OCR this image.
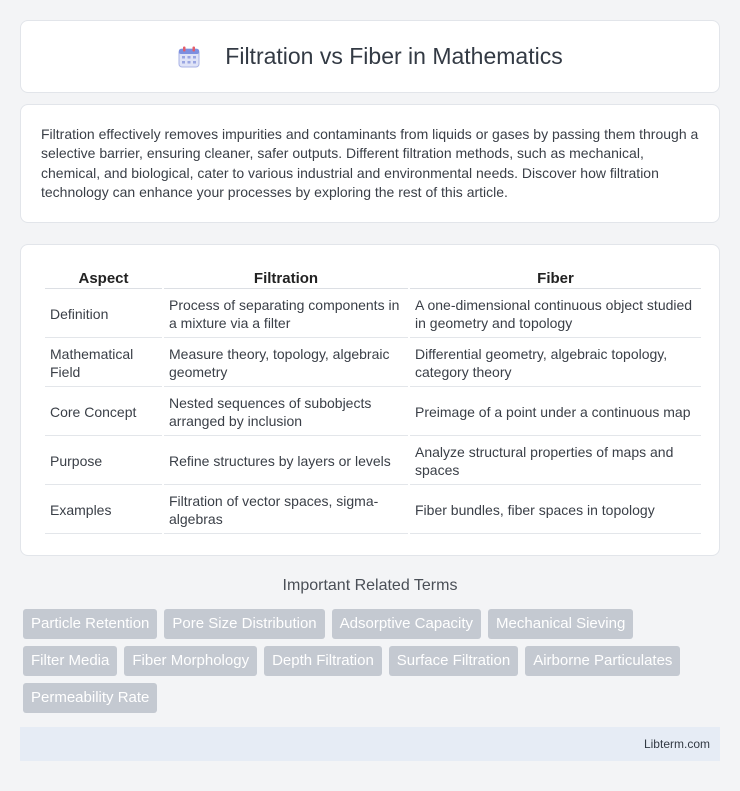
Filtration vs Fiber in Mathematics

Filtration effectively removes impurities and contaminants from liquids or gases by passing them through a selective barrier, ensuring cleaner, safer outputs. Different filtration methods, such as mechanical, chemical, and biological, cater to various industrial and environmental needs. Discover how filtration technology can enhance your processes by exploring the rest of this article.

Aspect	Filtration	Fiber
Definition	Process of separating components in a mixture via a filter	A one-dimensional continuous object studied in geometry and topology
Mathematical Field	Measure theory, topology, algebraic geometry	Differential geometry, algebraic topology, category theory
Core Concept	Nested sequences of subobjects arranged by inclusion	Preimage of a point under a continuous map
Purpose	Refine structures by layers or levels	Analyze structural properties of maps and spaces
Examples	Filtration of vector spaces, sigma-algebras	Fiber bundles, fiber spaces in topology
Important Related Terms
Particle Retention	Pore Size Distribution	Adsorptive Capacity	Mechanical Sieving
Filter Media	Fiber Morphology	Depth Filtration	Surface Filtration	Airborne Particulates
Permeability Rate
Libterm.com
